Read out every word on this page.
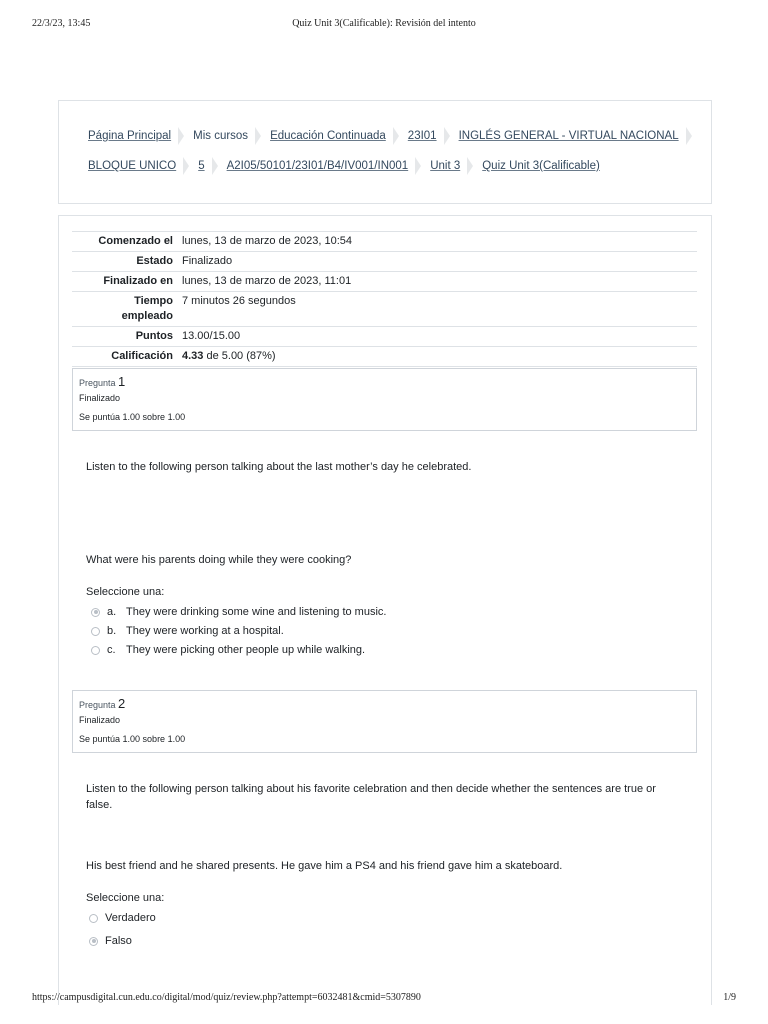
22/3/23, 13:45	Quiz Unit 3(Calificable): Revisión del intento
Página Principal Mis cursos Educación Continuada 23I01 INGLÉS GENERAL - VIRTUAL NACIONAL
BLOQUE UNICO 5 A2I05/50101/23I01/B4/IV001/IN001 Unit 3 Quiz Unit 3(Calificable)
Comenzado el lunes, 13 de marzo de 2023, 10:54
Estado Finalizado
Finalizado en lunes, 13 de marzo de 2023, 11:01
Tiempo
empleado
7 minutos 26 segundos
Puntos 13.00/15.00
Calificación 4.33 de 5.00 (87%)
Pregunta 1
Finalizado
Se puntúa 1.00 sobre 1.00
Listen to the following person talking about the last mother’s day he celebrated.
What were his parents doing while they were cooking?
Seleccione una:
a. They were drinking some wine and listening to music.
b. They were working at a hospital.
c. They were picking other people up while walking.
Pregunta 2
Finalizado
Se puntúa 1.00 sobre 1.00
Listen to the following person talking about his favorite celebration and then decide whether the sentences are true or false.
His best friend and he shared presents. He gave him a PS4 and his friend gave him a skateboard.
Seleccione una:
Verdadero
Falso
https://campusdigital.cun.edu.co/digital/mod/quiz/review.php?attempt=6032481&cmid=5307890	1/9
